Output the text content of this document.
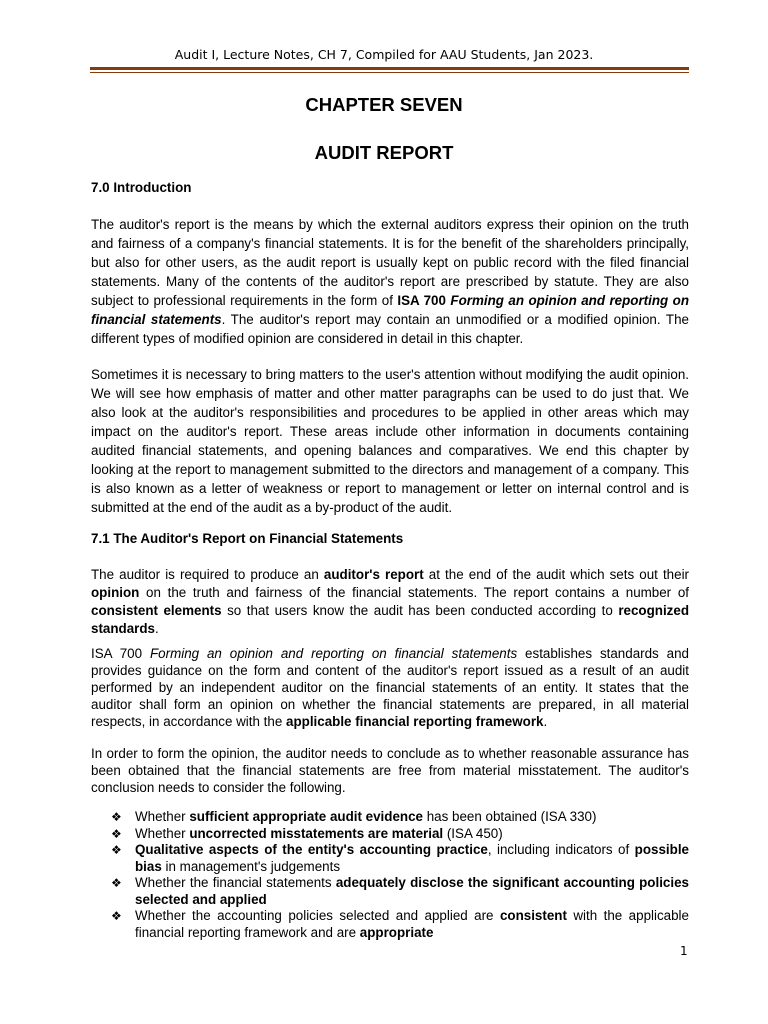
Audit I, Lecture Notes, CH 7, Compiled for AAU Students, Jan 2023.
CHAPTER SEVEN
AUDIT REPORT
7.0 Introduction

The auditor's report is the means by which the external auditors express their opinion on the truth and fairness of a company's financial statements. It is for the benefit of the shareholders principally, but also for other users, as the audit report is usually kept on public record with the filed financial statements. Many of the contents of the auditor's report are prescribed by statute. They are also subject to professional requirements in the form of ISA 700 Forming an opinion and reporting on financial statements. The auditor's report may contain an unmodified or a modified opinion. The different types of modified opinion are considered in detail in this chapter.

Sometimes it is necessary to bring matters to the user's attention without modifying the audit opinion. We will see how emphasis of matter and other matter paragraphs can be used to do just that. We also look at the auditor's responsibilities and procedures to be applied in other areas which may impact on the auditor's report. These areas include other information in documents containing audited financial statements, and opening balances and comparatives. We end this chapter by looking at the report to management submitted to the directors and management of a company. This is also known as a letter of weakness or report to management or letter on internal control and is submitted at the end of the audit as a by-product of the audit.

7.1 The Auditor's Report on Financial Statements

The auditor is required to produce an auditor's report at the end of the audit which sets out their opinion on the truth and fairness of the financial statements. The report contains a number of consistent elements so that users know the audit has been conducted according to recognized standards.

ISA 700 Forming an opinion and reporting on financial statements establishes standards and provides guidance on the form and content of the auditor's report issued as a result of an audit performed by an independent auditor on the financial statements of an entity. It states that the auditor shall form an opinion on whether the financial statements are prepared, in all material respects, in accordance with the applicable financial reporting framework.

In order to form the opinion, the auditor needs to conclude as to whether reasonable assurance has been obtained that the financial statements are free from material misstatement. The auditor's conclusion needs to consider the following.

❖ Whether sufficient appropriate audit evidence has been obtained (ISA 330)
❖ Whether uncorrected misstatements are material (ISA 450)
❖ Qualitative aspects of the entity's accounting practice, including indicators of possible bias in management's judgements
❖ Whether the financial statements adequately disclose the significant accounting policies selected and applied
❖ Whether the accounting policies selected and applied are consistent with the applicable financial reporting framework and are appropriate
1
